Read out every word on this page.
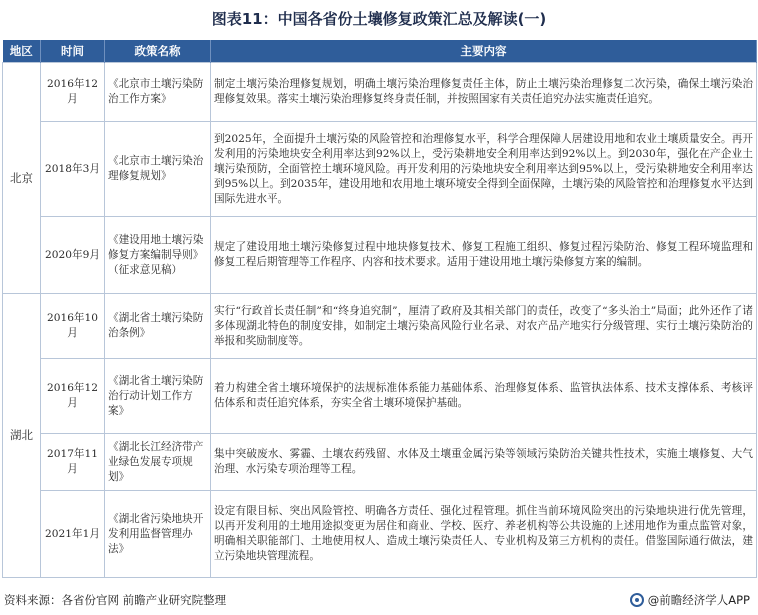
图表11：中国各省份土壤修复政策汇总及解读(一)
地区	时间	政策名称	主要内容
北京	2016年12月	《北京市土壤污染防治工作方案》	制定土壤污染治理修复规划，明确土壤污染治理修复责任主体，防止土壤污染治理修复二次污染，确保土壤污染治理修复效果。落实土壤污染治理修复终身责任制，并按照国家有关责任追究办法实施责任追究。
	2018年3月	《北京市土壤污染治理修复规划》	到2025年，全面提升土壤污染的风险管控和治理修复水平，科学合理保障人居建设用地和农业土壤质量安全。再开发利用的污染地块安全利用率达到92%以上，受污染耕地安全利用率达到92%以上。到2030年，强化在产企业土壤污染预防，全面管控土壤环境风险。再开发利用的污染地块安全利用率达到95%以上，受污染耕地安全利用率达到95%以上。到2035年，建设用地和农用地土壤环境安全得到全面保障，土壤污染的风险管控和治理修复水平达到国际先进水平。
	2020年9月	《建设用地土壤污染修复方案编制导则》（征求意见稿）	规定了建设用地土壤污染修复过程中地块修复技术、修复工程施工组织、修复过程污染防治、修复工程环境监理和修复工程后期管理等工作程序、内容和技术要求。适用于建设用地土壤污染修复方案的编制。
湖北	2016年10月	《湖北省土壤污染防治条例》	实行“行政首长责任制”和“终身追究制”，厘清了政府及其相关部门的责任，改变了“多头治土”局面；此外还作了诸多体现湖北特色的制度安排，如制定土壤污染高风险行业名录、对农产品产地实行分级管理、实行土壤污染防治的举报和奖励制度等。
	2016年12月	《湖北省土壤污染防治行动计划工作方案》	着力构建全省土壤环境保护的法规标准体系能力基础体系、治理修复体系、监管执法体系、技术支撑体系、考核评估体系和责任追究体系，夯实全省土壤环境保护基础。
	2017年11月	《湖北长江经济带产业绿色发展专项规划》	集中突破废水、雾霾、土壤农药残留、水体及土壤重金属污染等领域污染防治关键共性技术，实施土壤修复、大气治理、水污染专项治理等工程。
	2021年1月	《湖北省污染地块开发利用监督管理办法》	设定有限目标、突出风险管控、明确各方责任、强化过程管理。抓住当前环境风险突出的污染地块进行优先管理，以再开发利用的土地用途拟变更为居住和商业、学校、医疗、养老机构等公共设施的上述用地作为重点监管对象，明确相关职能部门、土地使用权人、造成土壤污染责任人、专业机构及第三方机构的责任。借鉴国际通行做法，建立污染地块管理流程。
资料来源：各省份官网 前瞻产业研究院整理	@前瞻经济学人APP
